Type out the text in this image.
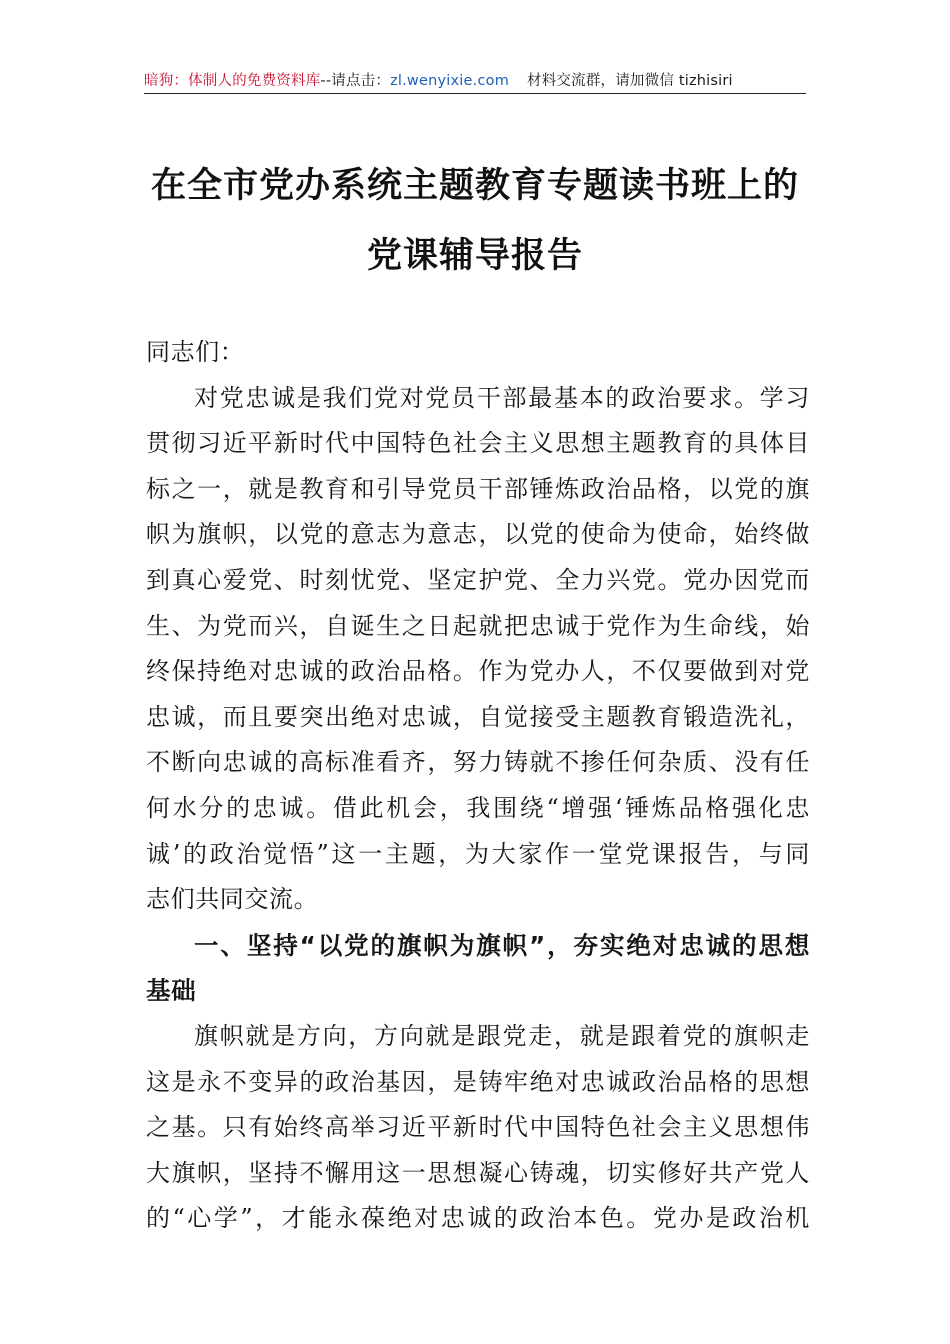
暗狗：体制人的免费资料库--请点击：zl.wenyixie.com 材料交流群，请加微信 tizhisiri
在全市党办系统主题教育专题读书班上的
党课辅导报告
同志们：
对党忠诚是我们党对党员干部最基本的政治要求。学习
贯彻习近平新时代中国特色社会主义思想主题教育的具体目
标之一，就是教育和引导党员干部锤炼政治品格，以党的旗
帜为旗帜，以党的意志为意志，以党的使命为使命，始终做
到真心爱党、时刻忧党、坚定护党、全力兴党。党办因党而
生、为党而兴，自诞生之日起就把忠诚于党作为生命线，始
终保持绝对忠诚的政治品格。作为党办人，不仅要做到对党
忠诚，而且要突出绝对忠诚，自觉接受主题教育锻造洗礼，
不断向忠诚的高标准看齐，努力铸就不掺任何杂质、没有任
何水分的忠诚。借此机会，我围绕“增强‘锤炼品格强化忠
诚’的政治觉悟”这一主题，为大家作一堂党课报告，与同
志们共同交流。
一、坚持“以党的旗帜为旗帜”，夯实绝对忠诚的思想
基础
旗帜就是方向，方向就是跟党走，就是跟着党的旗帜走
这是永不变异的政治基因，是铸牢绝对忠诚政治品格的思想
之基。只有始终高举习近平新时代中国特色社会主义思想伟
大旗帜，坚持不懈用这一思想凝心铸魂，切实修好共产党人
的“心学”，才能永葆绝对忠诚的政治本色。党办是政治机
